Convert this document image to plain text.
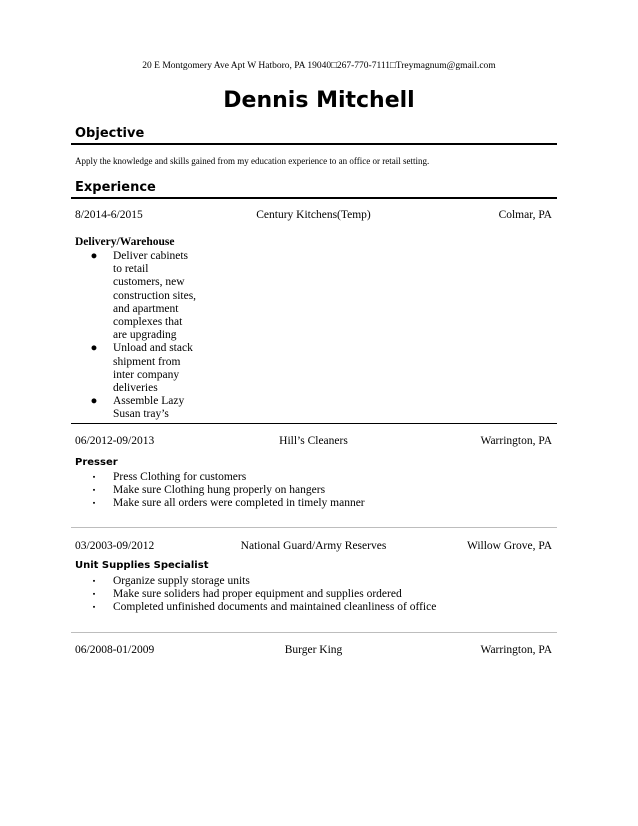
20 E Montgomery Ave Apt W Hatboro, PA 19040□267-770-7111□Treymagnum@gmail.com
Dennis Mitchell
Objective
Apply the knowledge and skills gained from my education experience to an office or retail setting.
Experience
8/2014-6/2015	Century Kitchens(Temp)	Colmar, PA
Delivery/Warehouse
●	Deliver cabinets to retail customers, new construction sites, and apartment complexes that are upgrading
●	Unload and stack shipment from inter company deliveries
●	Assemble Lazy Susan tray’s
06/2012-09/2013	Hill’s Cleaners	Warrington, PA
Presser
▪	Press Clothing for customers
▪	Make sure Clothing hung properly on hangers
▪	Make sure all orders were completed in timely manner
03/2003-09/2012	National Guard/Army Reserves	Willow Grove, PA
Unit Supplies Specialist
▪	Organize supply storage units
▪	Make sure soliders had proper equipment and supplies ordered
▪	Completed unfinished documents and maintained cleanliness of office
06/2008-01/2009	Burger King	Warrington, PA
